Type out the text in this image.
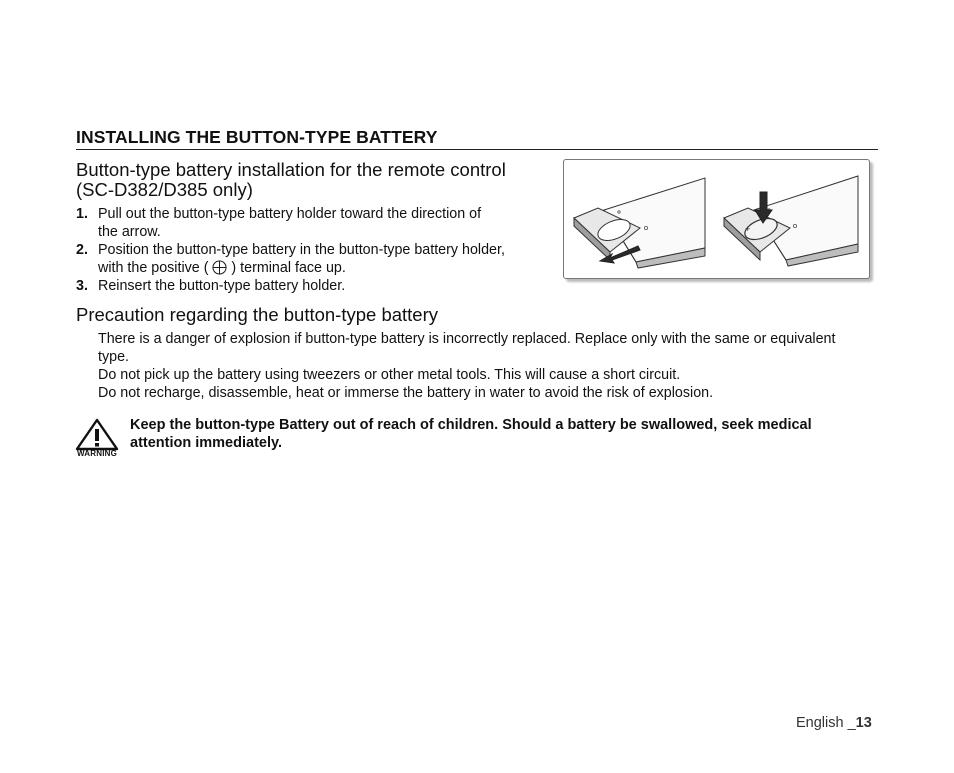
INSTALLING THE BUTTON-TYPE BATTERY
Button-type battery installation for the remote control
(SC-D382/D385 only)
1. Pull out the button-type battery holder toward the direction of
the arrow.
2. Position the button-type battery in the button-type battery holder,
with the positive ( ) terminal face up.
3. Reinsert the button-type battery holder.
+
Precaution regarding the button-type battery

There is a danger of explosion if button-type battery is incorrectly replaced. Replace only with the same or equivalent type.

Do not pick up the battery using tweezers or other metal tools. This will cause a short circuit.

Do not recharge, disassemble, heat or immerse the battery in water to avoid the risk of explosion.

WARNING
Keep the button-type Battery out of reach of children. Should a battery be swallowed, seek medical attention immediately.
English _13
